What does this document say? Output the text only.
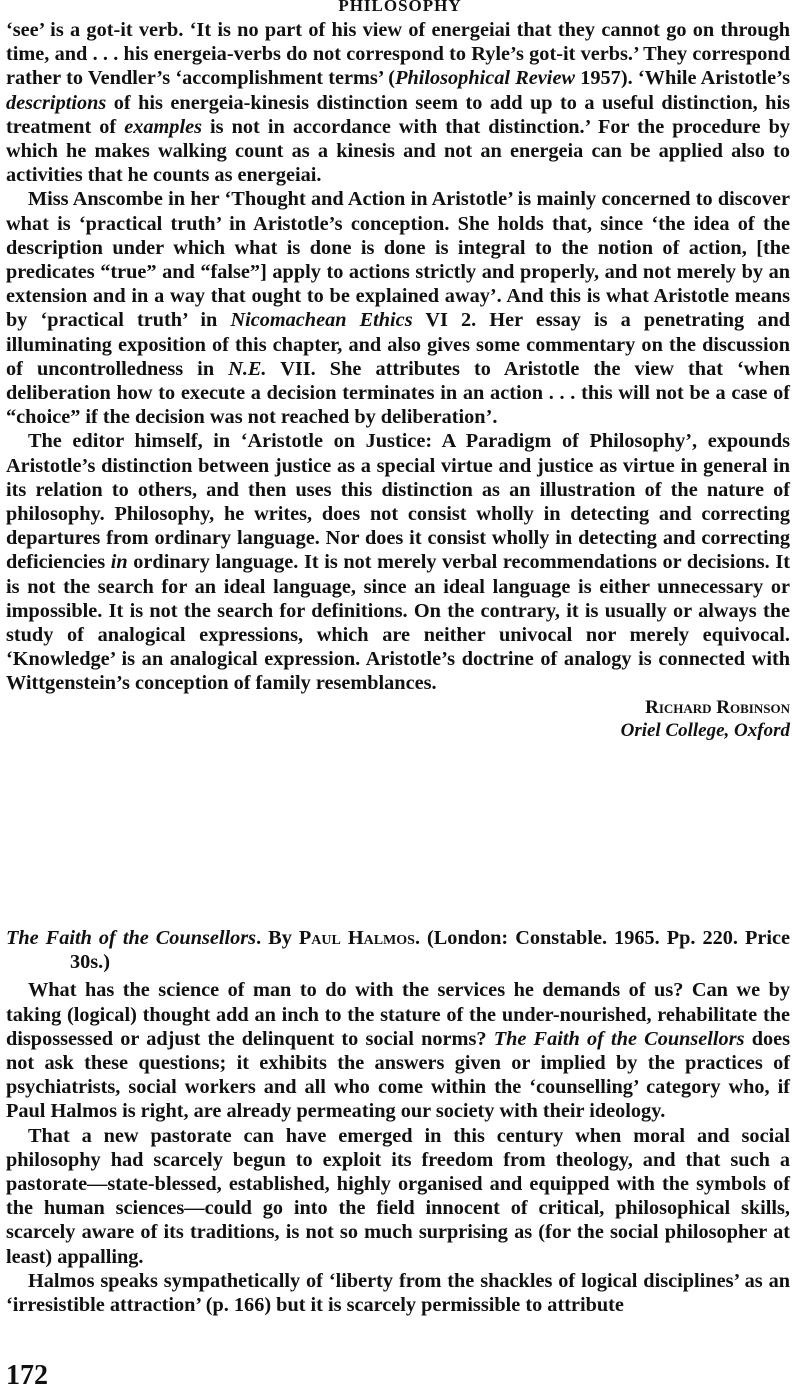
PHILOSOPHY

‘see’ is a got-it verb. ‘It is no part of his view of energeiai that they cannot go on through time, and . . . his energeia-verbs do not correspond to Ryle’s got-it verbs.’ They correspond rather to Vendler’s ‘accomplishment terms’ (Philosophical Review 1957). ‘While Aristotle’s descriptions of his energeia-kinesis distinction seem to add up to a useful distinction, his treatment of examples is not in accordance with that distinction.’ For the procedure by which he makes walking count as a kinesis and not an energeia can be applied also to activities that he counts as energeiai.

Miss Anscombe in her ‘Thought and Action in Aristotle’ is mainly concerned to discover what is ‘practical truth’ in Aristotle’s conception. She holds that, since ‘the idea of the description under which what is done is done is integral to the notion of action, [the predicates “true” and “false”] apply to actions strictly and properly, and not merely by an extension and in a way that ought to be explained away’. And this is what Aristotle means by ‘practical truth’ in Nicomachean Ethics VI 2. Her essay is a penetrating and illuminating exposition of this chapter, and also gives some commentary on the discussion of uncontrolledness in N.E. VII. She attributes to Aristotle the view that ‘when deliberation how to execute a decision terminates in an action . . . this will not be a case of “choice” if the decision was not reached by deliberation’.

The editor himself, in ‘Aristotle on Justice: A Paradigm of Philosophy’, expounds Aristotle’s distinction between justice as a special virtue and justice as virtue in general in its relation to others, and then uses this distinction as an illustration of the nature of philosophy. Philosophy, he writes, does not consist wholly in detecting and correcting departures from ordinary language. Nor does it consist wholly in detecting and correcting deficiencies in ordinary language. It is not merely verbal recommendations or decisions. It is not the search for an ideal language, since an ideal language is either unnecessary or impossible. It is not the search for definitions. On the contrary, it is usually or always the study of analogical expressions, which are neither univocal nor merely equivocal. ‘Knowledge’ is an analogical expression. Aristotle’s doctrine of analogy is connected with Wittgenstein’s conception of family resemblances.

Richard Robinson
Oriel College, Oxford

The Faith of the Counsellors. By Paul Halmos. (London: Constable. 1965. Pp. 220. Price 30s.)

What has the science of man to do with the services he demands of us? Can we by taking (logical) thought add an inch to the stature of the under-nourished, rehabilitate the dispossessed or adjust the delinquent to social norms? The Faith of the Counsellors does not ask these questions; it exhibits the answers given or implied by the practices of psychiatrists, social workers and all who come within the ‘counselling’ category who, if Paul Halmos is right, are already permeating our society with their ideology.

That a new pastorate can have emerged in this century when moral and social philosophy had scarcely begun to exploit its freedom from theology, and that such a pastorate—state-blessed, established, highly organised and equipped with the symbols of the human sciences—could go into the field innocent of critical, philosophical skills, scarcely aware of its traditions, is not so much surprising as (for the social philosopher at least) appalling.

Halmos speaks sympathetically of ‘liberty from the shackles of logical disciplines’ as an ‘irresistible attraction’ (p. 166) but it is scarcely permissible to attribute

172
